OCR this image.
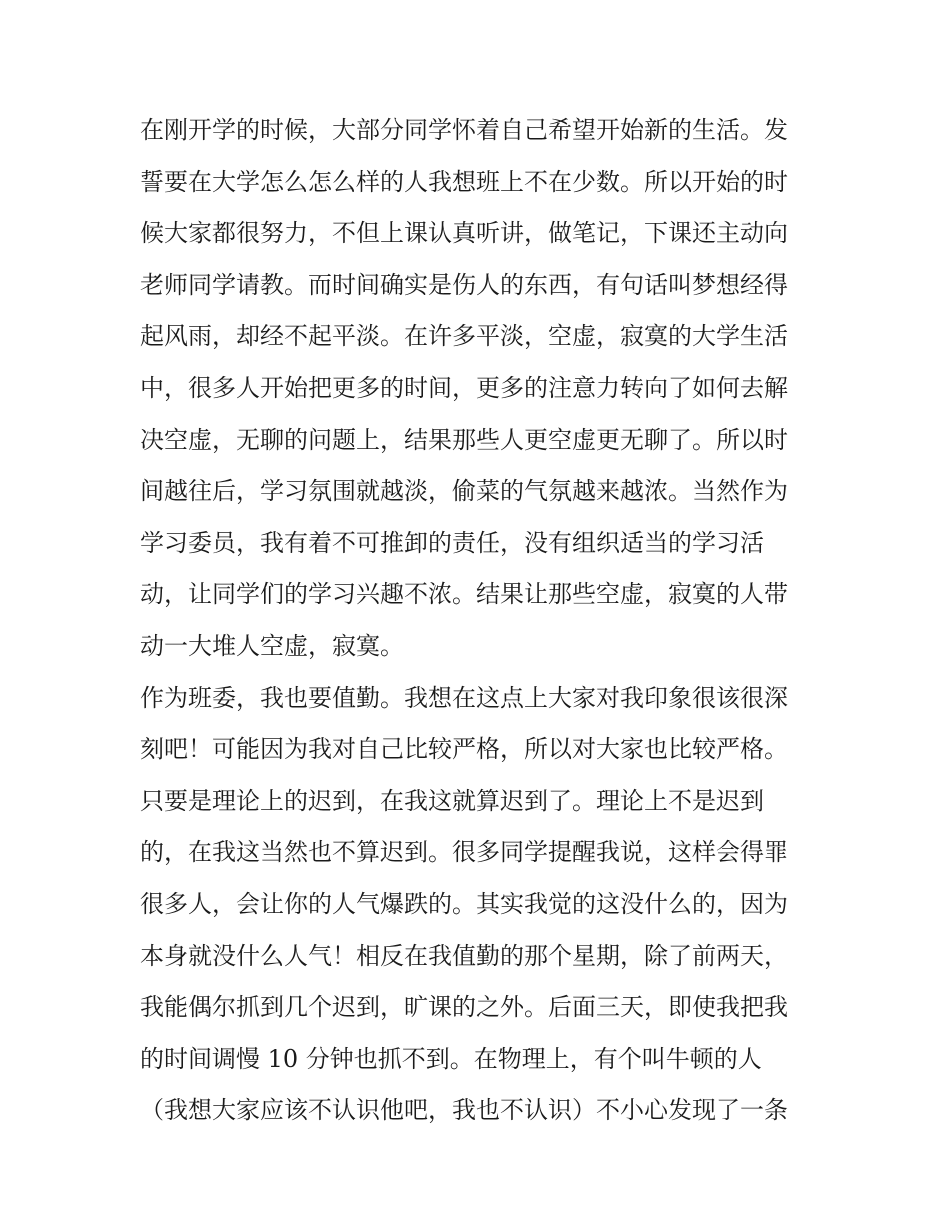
在刚开学的时候，大部分同学怀着自己希望开始新的生活。发
誓要在大学怎么怎么样的人我想班上不在少数。所以开始的时
候大家都很努力，不但上课认真听讲，做笔记，下课还主动向
老师同学请教。而时间确实是伤人的东西，有句话叫梦想经得
起风雨，却经不起平淡。在许多平淡，空虚，寂寞的大学生活
中，很多人开始把更多的时间，更多的注意力转向了如何去解
决空虚，无聊的问题上，结果那些人更空虚更无聊了。所以时
间越往后，学习氛围就越淡，偷菜的气氛越来越浓。当然作为
学习委员，我有着不可推卸的责任，没有组织适当的学习活
动，让同学们的学习兴趣不浓。结果让那些空虚，寂寞的人带
动一大堆人空虚，寂寞。
作为班委，我也要值勤。我想在这点上大家对我印象很该很深
刻吧！可能因为我对自己比较严格，所以对大家也比较严格。
只要是理论上的迟到，在我这就算迟到了。理论上不是迟到
的，在我这当然也不算迟到。很多同学提醒我说，这样会得罪
很多人，会让你的人气爆跌的。其实我觉的这没什么的，因为
本身就没什么人气！相反在我值勤的那个星期，除了前两天，
我能偶尔抓到几个迟到，旷课的之外。后面三天，即使我把我
的时间调慢 10 分钟也抓不到。在物理上，有个叫牛顿的人
（我想大家应该不认识他吧，我也不认识）不小心发现了一条
